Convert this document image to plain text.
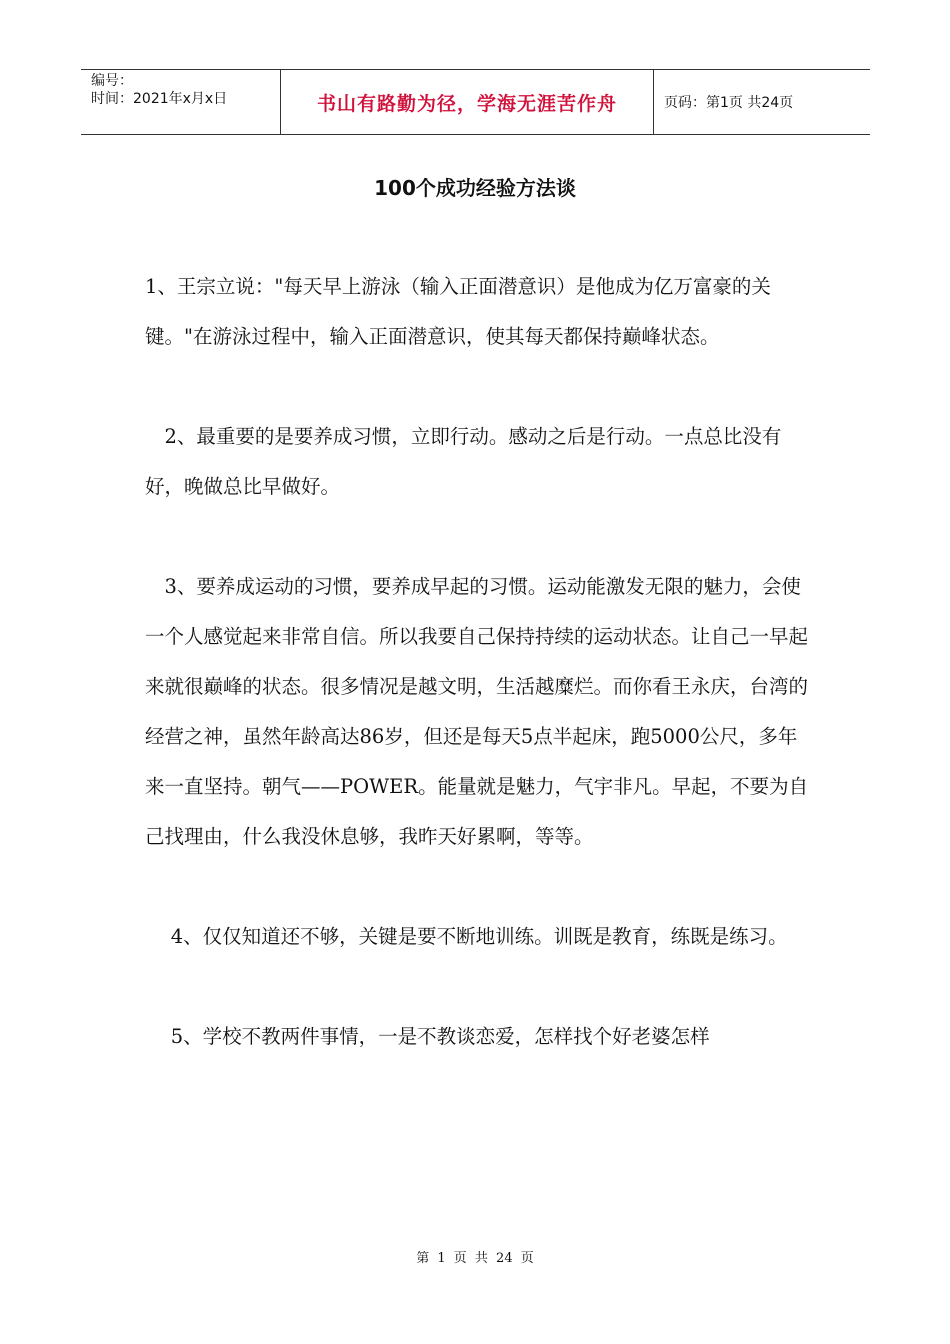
编号：
时间：2021年x月x日	书山有路勤为径，学海无涯苦作舟	页码：第1页 共24页
100个成功经验方法谈

1、王宗立说："每天早上游泳（输入正面潜意识）是他成为亿万富豪的关键。"在游泳过程中，输入正面潜意识，使其每天都保持巅峰状态。

　2、最重要的是要养成习惯，立即行动。感动之后是行动。一点总比没有好，晚做总比早做好。

　3、要养成运动的习惯，要养成早起的习惯。运动能激发无限的魅力，会使一个人感觉起来非常自信。所以我要自己保持持续的运动状态。让自己一早起来就很巅峰的状态。很多情况是越文明，生活越糜烂。而你看王永庆，台湾的经营之神，虽然年龄高达86岁，但还是每天5点半起床，跑5000公尺，多年来一直坚持。朝气——POWER。能量就是魅力，气宇非凡。早起，不要为自己找理由，什么我没休息够，我昨天好累啊，等等。

　 4、仅仅知道还不够，关键是要不断地训练。训既是教育，练既是练习。

　 5、学校不教两件事情，一是不教谈恋爱，怎样找个好老婆怎样

第 1 页 共 24 页
